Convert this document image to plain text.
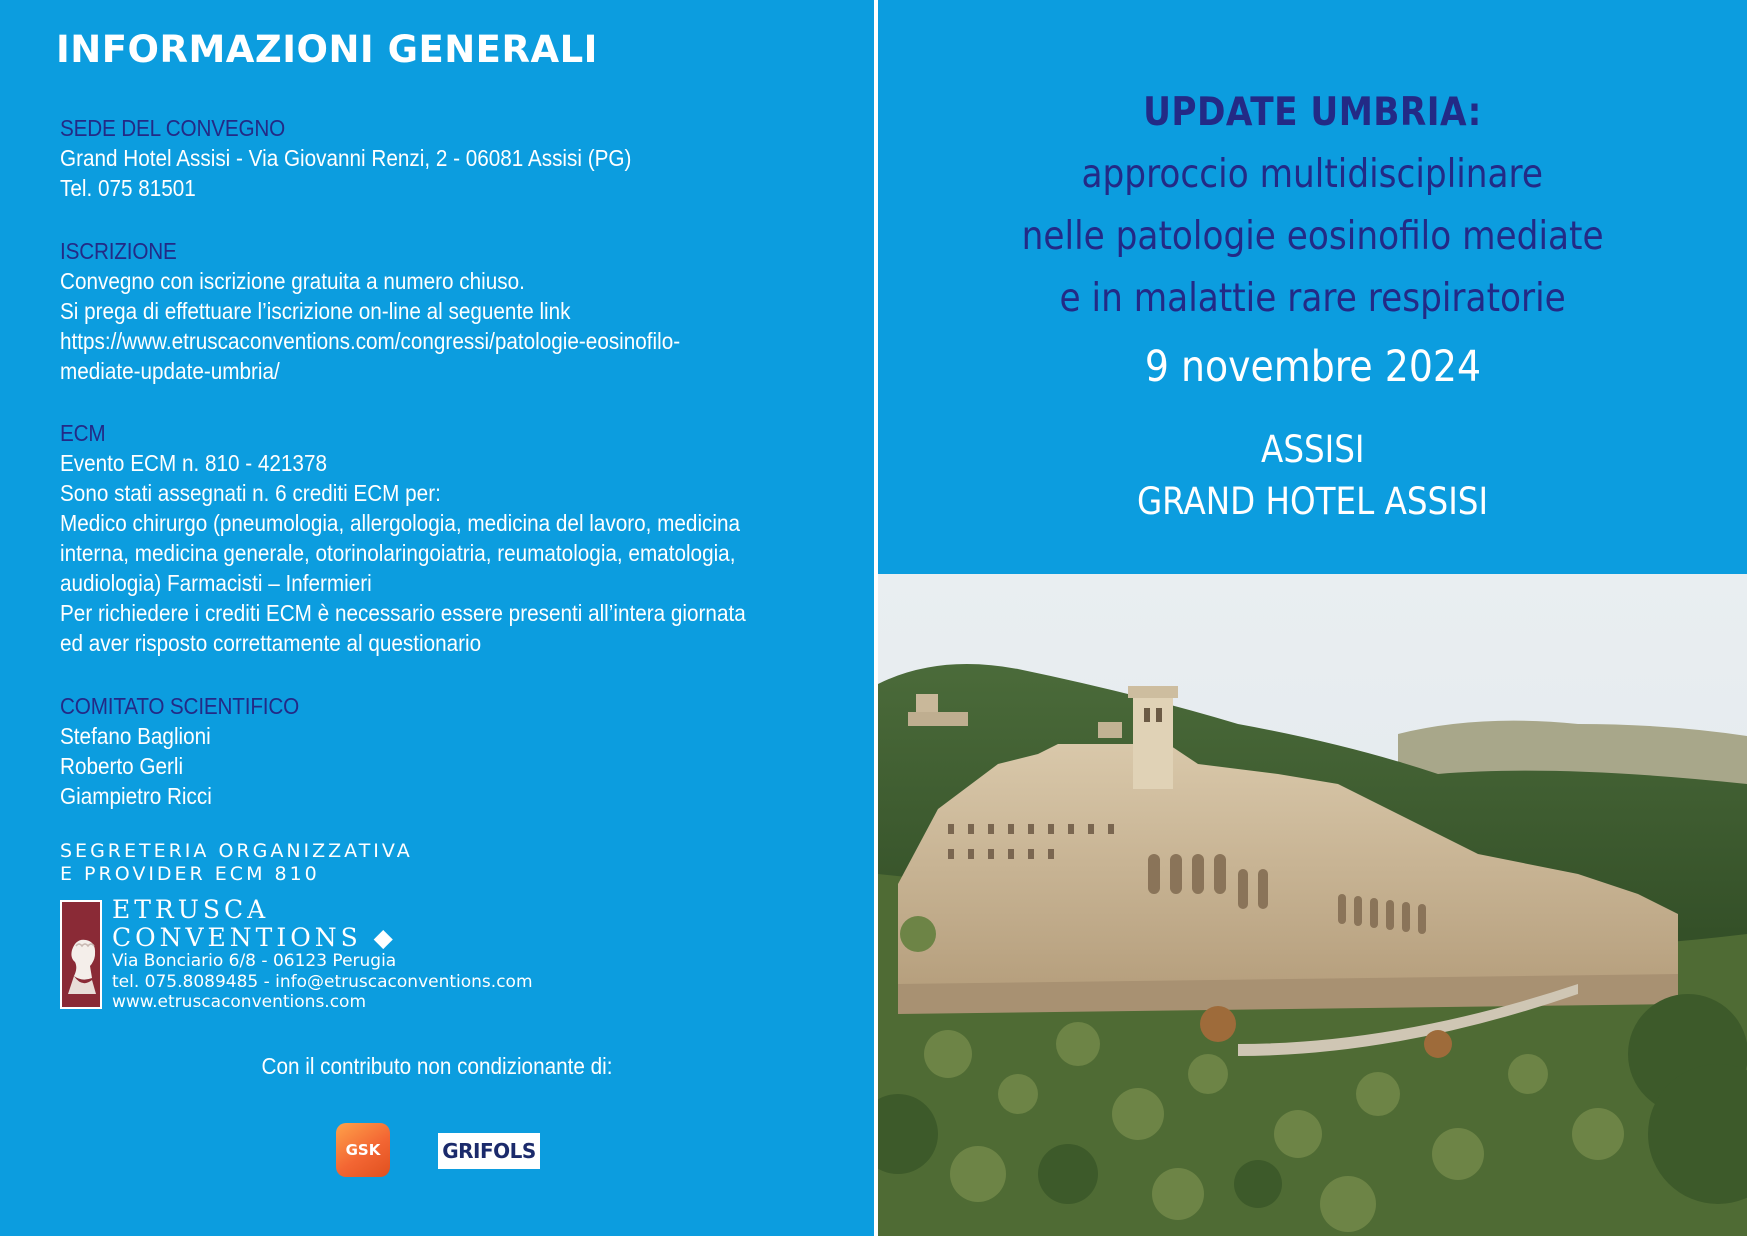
INFORMAZIONI GENERALI
SEDE DEL CONVEGNO
Grand Hotel Assisi - Via Giovanni Renzi, 2 - 06081 Assisi (PG)
Tel. 075 81501
ISCRIZIONE
Convegno con iscrizione gratuita a numero chiuso.
Si prega di effettuare l’iscrizione on-line al seguente link
https://www.etruscaconventions.com/congressi/patologie-eosinofilo-
mediate-update-umbria/
ECM
Evento ECM n. 810 - 421378
Sono stati assegnati n. 6 crediti ECM per:
Medico chirurgo (pneumologia, allergologia, medicina del lavoro, medicina
interna, medicina generale, otorinolaringoiatria, reumatologia, ematologia,
audiologia) Farmacisti – Infermieri
Per richiedere i crediti ECM è necessario essere presenti all’intera giornata
ed aver risposto correttamente al questionario
COMITATO SCIENTIFICO
Stefano Baglioni
Roberto Gerli
Giampietro Ricci
SEGRETERIA ORGANIZZATIVA
E PROVIDER ECM 810
ETRUSCA
CONVENTIONS ◆
Via Bonciario 6/8 - 06123 Perugia
tel. 075.8089485 - info@etruscaconventions.com
www.etruscaconventions.com
Con il contributo non condizionante di:
GSK	GRIFOLS
UPDATE UMBRIA:
approccio multidisciplinare
nelle patologie eosinofilo mediate
e in malattie rare respiratorie
9 novembre 2024
ASSISI
GRAND HOTEL ASSISI
